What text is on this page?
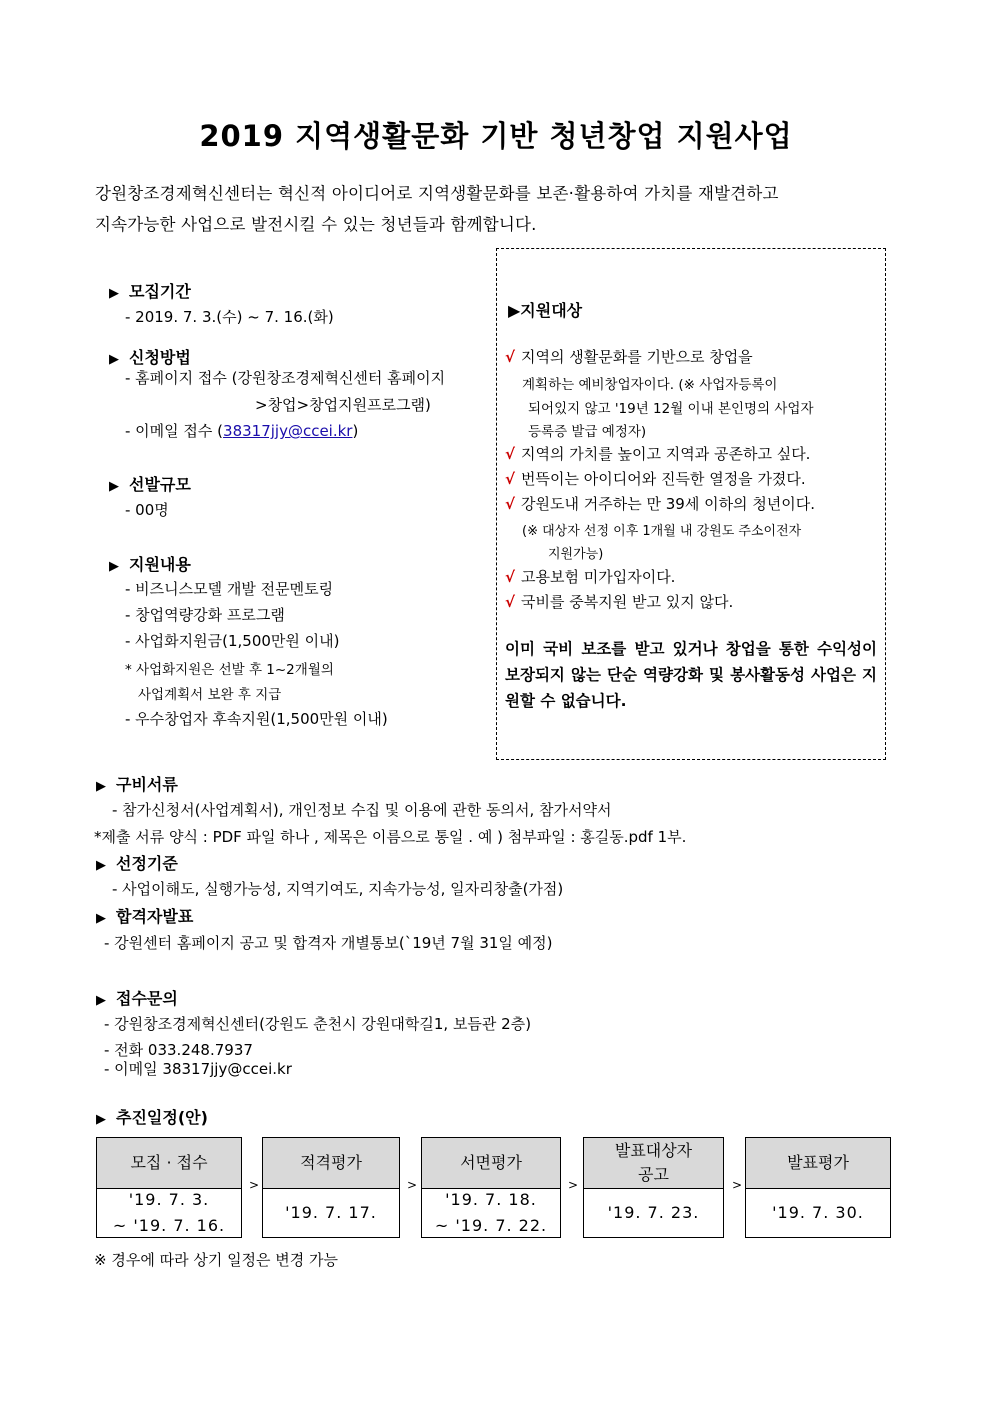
2019 지역생활문화 기반 청년창업 지원사업
강원창조경제혁신센터는 혁신적 아이디어로 지역생활문화를 보존·활용하여 가치를 재발견하고
지속가능한 사업으로 발전시킬 수 있는 청년들과 함께합니다.
▶ 모집기간
- 2019. 7. 3.(수) ~ 7. 16.(화)
▶ 신청방법
- 홈페이지 접수 (강원창조경제혁신센터 홈페이지
>창업>창업지원프로그램)
- 이메일 접수 (38317jjy@ccei.kr)
▶ 선발규모
- 00명
▶ 지원내용
- 비즈니스모델 개발 전문멘토링
- 창업역량강화 프로그램
- 사업화지원금(1,500만원 이내)
* 사업화지원은 선발 후 1~2개월의
사업계획서 보완 후 지급
- 우수창업자 후속지원(1,500만원 이내)
▶지원대상
√ 지역의 생활문화를 기반으로 창업을
계획하는 예비창업자이다. (※ 사업자등록이
되어있지 않고 '19년 12월 이내 본인명의 사업자
등록증 발급 예정자)
√ 지역의 가치를 높이고 지역과 공존하고 싶다.
√ 번뜩이는 아이디어와 진득한 열정을 가졌다.
√ 강원도내 거주하는 만 39세 이하의 청년이다.
(※ 대상자 선정 이후 1개월 내 강원도 주소이전자
지원가능)
√ 고용보험 미가입자이다.
√ 국비를 중복지원 받고 있지 않다.
이미 국비 보조를 받고 있거나 창업을 통한 수익성이 보장되지 않는 단순 역량강화 및 봉사활동성 사업은 지원할 수 없습니다.
▶ 구비서류
- 참가신청서(사업계획서), 개인정보 수집 및 이용에 관한 동의서, 참가서약서
*제출 서류 양식 : PDF 파일 하나 , 제목은 이름으로 통일 . 예 ) 첨부파일 : 홍길동.pdf 1부.
▶ 선정기준
- 사업이해도, 실행가능성, 지역기여도, 지속가능성, 일자리창출(가점)
▶ 합격자발표
- 강원센터 홈페이지 공고 및 합격자 개별통보(`19년 7월 31일 예정)
▶ 접수문의
- 강원창조경제혁신센터(강원도 춘천시 강원대학길1, 보듬관 2층)
- 전화 033.248.7937
- 이메일 38317jjy@ccei.kr
▶ 추진일정(안)
모집 · 접수
'19. 7. 3.
~ '19. 7. 16.
>
적격평가
'19. 7. 17.
>
서면평가
'19. 7. 18.
~ '19. 7. 22.
>
발표대상자
공고
'19. 7. 23.
>
발표평가
'19. 7. 30.
※ 경우에 따라 상기 일정은 변경 가능
